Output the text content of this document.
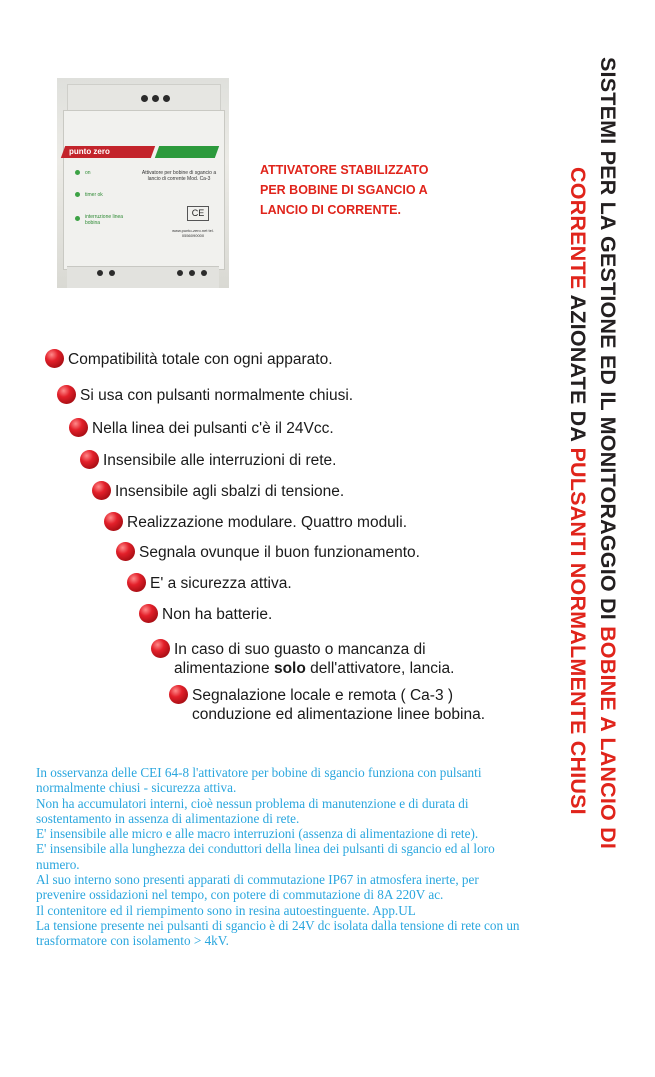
punto zero
on
timer ok
interruzione linea bobina
Attivatore per bobine di sgancio a lancio di corrente Mod. Ca-3
CE
www.punto-zero.net tel. 0556090000
ATTIVATORE STABILIZZATO
PER BOBINE DI SGANCIO A
LANCIO DI CORRENTE.
Compatibilità totale con ogni apparato.
Si usa con pulsanti normalmente chiusi.
Nella linea dei pulsanti c'è il 24Vcc.
Insensibile alle interruzioni di rete.
Insensibile agli sbalzi di tensione.
Realizzazione modulare. Quattro moduli.
Segnala ovunque il buon funzionamento.
E' a sicurezza attiva.
Non ha batterie.
In caso di suo guasto o mancanza di
alimentazione solo dell'attivatore, lancia.
Segnalazione locale e remota ( Ca-3 )
conduzione ed alimentazione linee bobina.

In osservanza delle CEI 64-8 l'attivatore per bobine di sgancio funziona con pulsanti normalmente chiusi - sicurezza attiva.

Non ha accumulatori interni, cioè nessun problema di manutenzione e di durata di sostentamento in assenza di alimentazione di rete.

E' insensibile alle micro e alle macro interruzioni (assenza di alimentazione di rete).

E' insensibile alla lunghezza dei conduttori della linea dei pulsanti di sgancio ed al loro numero.

Al suo interno sono presenti apparati di commutazione IP67 in atmosfera inerte, per prevenire ossidazioni nel tempo, con potere di commutazione di 8A 220V ac.

Il contenitore ed il riempimento sono in resina autoestinguente. App.UL

La tensione presente nei pulsanti di sgancio è di 24V dc isolata dalla tensione di rete con un trasformatore con isolamento > 4kV.

SISTEMI PER LA GESTIONE ED IL MONITORAGGIO DI BOBINE A LANCIO DI
CORRENTE AZIONATE DA PULSANTI NORMALMENTE CHIUSI
